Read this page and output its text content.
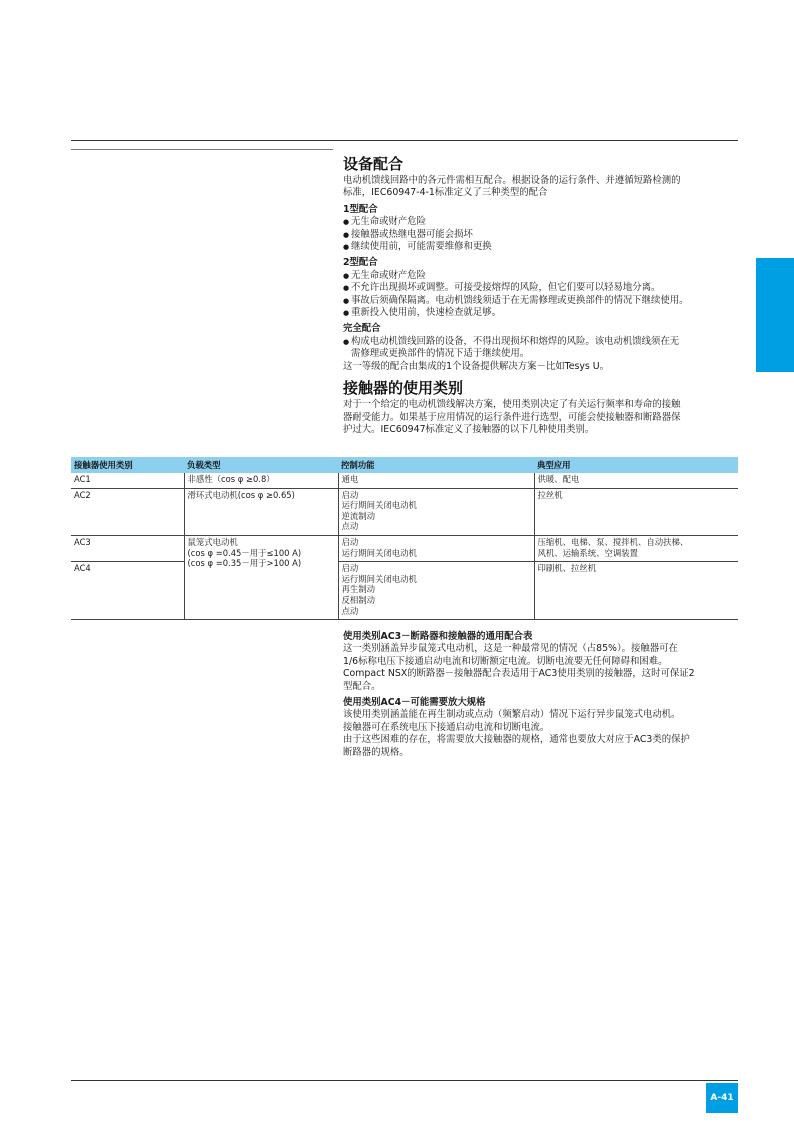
设备配合

电动机馈线回路中的各元件需相互配合。根据设备的运行条件、并遵循短路检测的

标准，IEC60947-4-1标准定义了三种类型的配合

1型配合

● 无生命或财产危险
● 接触器或热继电器可能会损坏
● 继续使用前，可能需要维修和更换

2型配合

● 无生命或财产危险
● 不允许出现损坏或调整。可接受接熔焊的风险，但它们要可以轻易地分离。
● 事故后须确保隔离。电动机馈线须适于在无需修理或更换部件的情况下继续使用。
● 重新投入使用前，快速检查就足够。

完全配合

● 构成电动机馈线回路的设备，不得出现损坏和熔焊的风险。该电动机馈线须在无
需修理或更换部件的情况下适于继续使用。

这一等级的配合由集成的1个设备提供解决方案－比如Tesys U。

接触器的使用类别

对于一个给定的电动机馈线解决方案，使用类别决定了有关运行频率和寿命的接触

器耐受能力。如果基于应用情况的运行条件进行选型，可能会使接触器和断路器保

护过大。IEC60947标准定义了接触器的以下几种使用类别。

接触器使用类别	负载类型	控制功能	典型应用
AC1	非感性（cos φ ≥0.8）	通电	供暖、配电

AC2	滑环式电动机(cos φ ≥0.65)	启动
运行期间关闭电动机
逆流制动
点动	拉丝机

AC3	鼠笼式电动机
(cos φ =0.45－用于≤100 A)
(cos φ =0.35－用于>100 A)	启动
运行期间关闭电动机	压缩机、电梯、泵、搅拌机、自动扶梯、
风机、运输系统、空调装置

AC4		启动
运行期间关闭电动机
再生制动
反相制动
点动	印刷机、拉丝机

使用类别AC3－断路器和接触器的通用配合表

这一类别涵盖异步鼠笼式电动机，这是一种最常见的情况（占85%）。接触器可在

1/6标称电压下接通启动电流和切断额定电流。切断电流要无任何障碍和困难。

Compact NSX的断路器－接触器配合表适用于AC3使用类别的接触器，这时可保证2

型配合。

使用类别AC4－可能需要放大规格

该使用类别涵盖能在再生制动或点动（频繁启动）情况下运行异步鼠笼式电动机。

接触器可在系统电压下接通启动电流和切断电流。

由于这些困难的存在，将需要放大接触器的规格，通常也要放大对应于AC3类的保护

断路器的规格。

A-41
